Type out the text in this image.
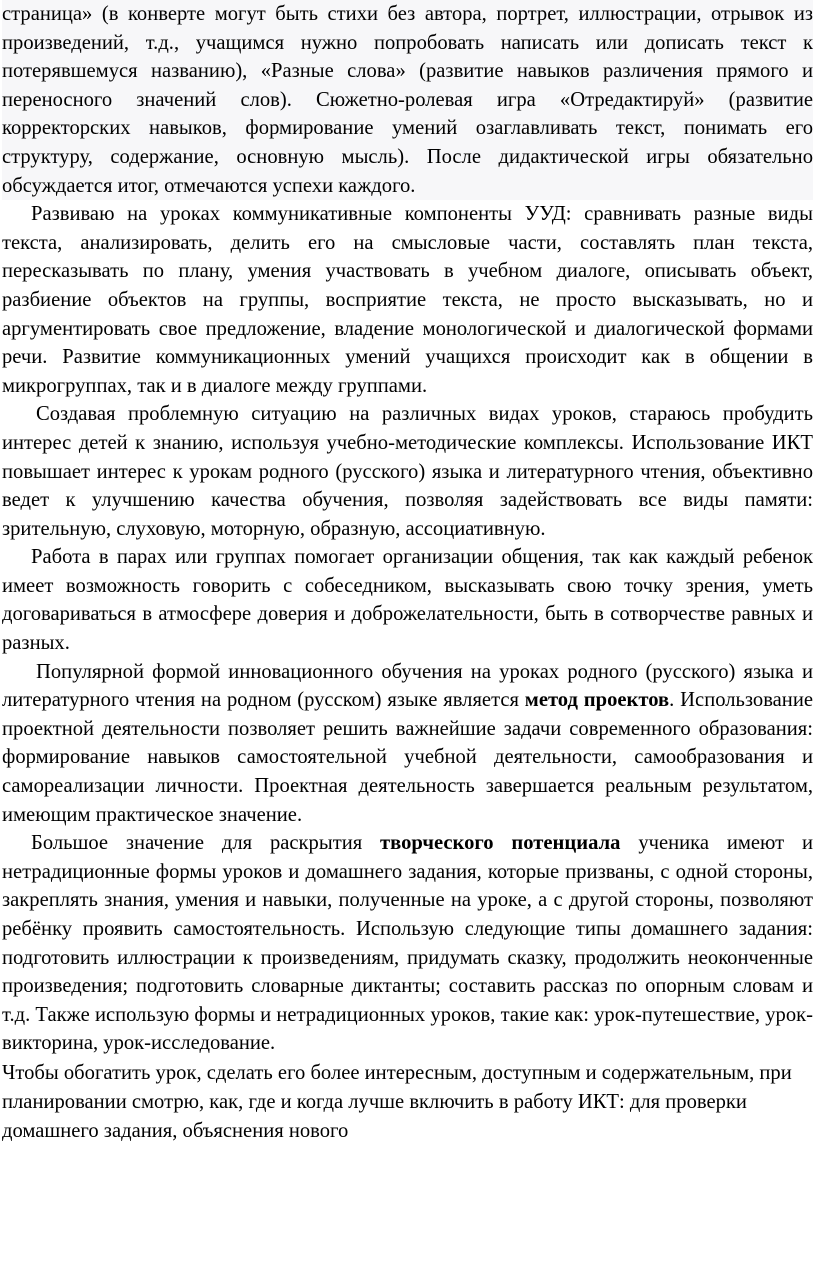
страница» (в конверте могут быть стихи без автора, портрет, иллюстрации, отрывок из произведений, т.д., учащимся нужно попробовать написать или дописать текст к потерявшемуся названию), «Разные слова» (развитие навыков различения прямого и переносного значений слов). Сюжетно-ролевая игра «Отредактируй» (развитие корректорских навыков, формирование умений озаглавливать текст, понимать его структуру, содержание, основную мысль). После дидактической игры обязательно обсуждается итог, отмечаются успехи каждого.

Развиваю на уроках коммуникативные компоненты УУД: сравнивать разные виды текста, анализировать, делить его на смысловые части, составлять план текста, пересказывать по плану, умения участвовать в учебном диалоге, описывать объект, разбиение объектов на группы, восприятие текста, не просто высказывать, но и аргументировать свое предложение, владение монологической и диалогической формами речи. Развитие коммуникационных умений учащихся происходит как в общении в микрогруппах, так и в диалоге между группами.

Создавая проблемную ситуацию на различных видах уроков, стараюсь пробудить интерес детей к знанию, используя учебно-методические комплексы. Использование ИКТ повышает интерес к урокам родного (русского) языка и литературного чтения, объективно ведет к улучшению качества обучения, позволяя задействовать все виды памяти: зрительную, слуховую, моторную, образную, ассоциативную.

Работа в парах или группах помогает организации общения, так как каждый ребенок имеет возможность говорить с собеседником, высказывать свою точку зрения, уметь договариваться в атмосфере доверия и доброжелательности, быть в сотворчестве равных и разных.

Популярной формой инновационного обучения на уроках родного (русского) языка и литературного чтения на родном (русском) языке является метод проектов. Использование проектной деятельности позволяет решить важнейшие задачи современного образования: формирование навыков самостоятельной учебной деятельности, самообразования и самореализации личности. Проектная деятельность завершается реальным результатом, имеющим практическое значение.

Большое значение для раскрытия творческого потенциала ученика имеют и нетрадиционные формы уроков и домашнего задания, которые призваны, с одной стороны, закреплять знания, умения и навыки, полученные на уроке, а с другой стороны, позволяют ребёнку проявить самостоятельность. Использую следующие типы домашнего задания: подготовить иллюстрации к произведениям, придумать сказку, продолжить неоконченные произведения; подготовить словарные диктанты; составить рассказ по опорным словам и т.д. Также использую формы и нетрадиционных уроков, такие как: урок-путешествие, урок-викторина, урок-исследование.

Чтобы обогатить урок, сделать его более интересным, доступным и содержательным, при планировании смотрю, как, где и когда лучше включить в работу ИКТ: для проверки домашнего задания, объяснения нового
